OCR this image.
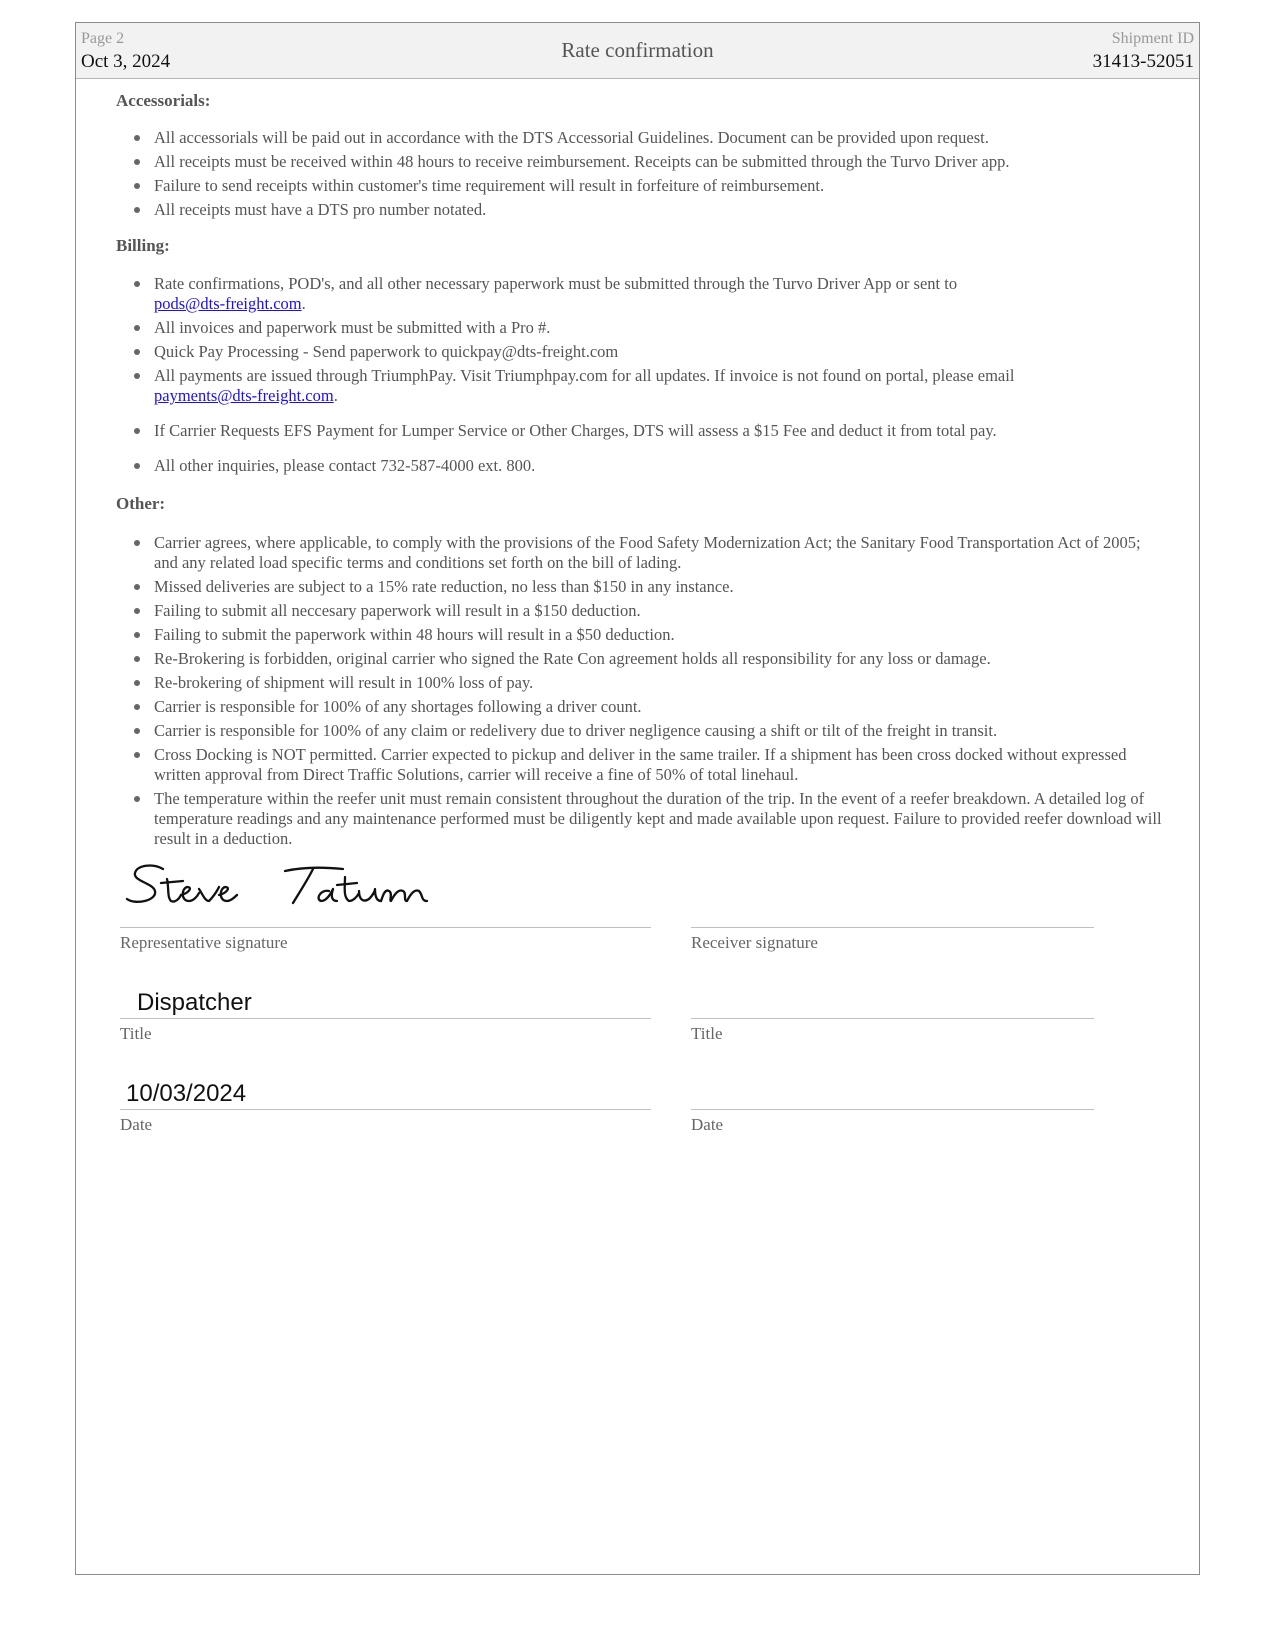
Page 2
Oct 3, 2024	Rate confirmation	Shipment ID
31413-52051
Accessorials:
All accessorials will be paid out in accordance with the DTS Accessorial Guidelines. Document can be provided upon request.
All receipts must be received within 48 hours to receive reimbursement. Receipts can be submitted through the Turvo Driver app.
Failure to send receipts within customer's time requirement will result in forfeiture of reimbursement.
All receipts must have a DTS pro number notated.
Billing:
Rate confirmations, POD's, and all other necessary paperwork must be submitted through the Turvo Driver App or sent to
pods@dts-freight.com.
All invoices and paperwork must be submitted with a Pro #.
Quick Pay Processing - Send paperwork to quickpay@dts-freight.com
All payments are issued through TriumphPay. Visit Triumphpay.com for all updates. If invoice is not found on portal, please email
payments@dts-freight.com.
If Carrier Requests EFS Payment for Lumper Service or Other Charges, DTS will assess a $15 Fee and deduct it from total pay.
All other inquiries, please contact 732-587-4000 ext. 800.
Other:
Carrier agrees, where applicable, to comply with the provisions of the Food Safety Modernization Act; the Sanitary Food Transportation Act of 2005; and any related load specific terms and conditions set forth on the bill of lading.
Missed deliveries are subject to a 15% rate reduction, no less than $150 in any instance.
Failing to submit all neccesary paperwork will result in a $150 deduction.
Failing to submit the paperwork within 48 hours will result in a $50 deduction.
Re-Brokering is forbidden, original carrier who signed the Rate Con agreement holds all responsibility for any loss or damage.
Re-brokering of shipment will result in 100% loss of pay.
Carrier is responsible for 100% of any shortages following a driver count.
Carrier is responsible for 100% of any claim or redelivery due to driver negligence causing a shift or tilt of the freight in transit.
Cross Docking is NOT permitted. Carrier expected to pickup and deliver in the same trailer. If a shipment has been cross docked without expressed written approval from Direct Traffic Solutions, carrier will receive a fine of 50% of total linehaul.
The temperature within the reefer unit must remain consistent throughout the duration of the trip. In the event of a reefer breakdown. A detailed log of temperature readings and any maintenance performed must be diligently kept and made available upon request. Failure to provided reefer download will result in a deduction.
Representative signature	Receiver signature
Dispatcher
Title	Title
10/03/2024
Date	Date
